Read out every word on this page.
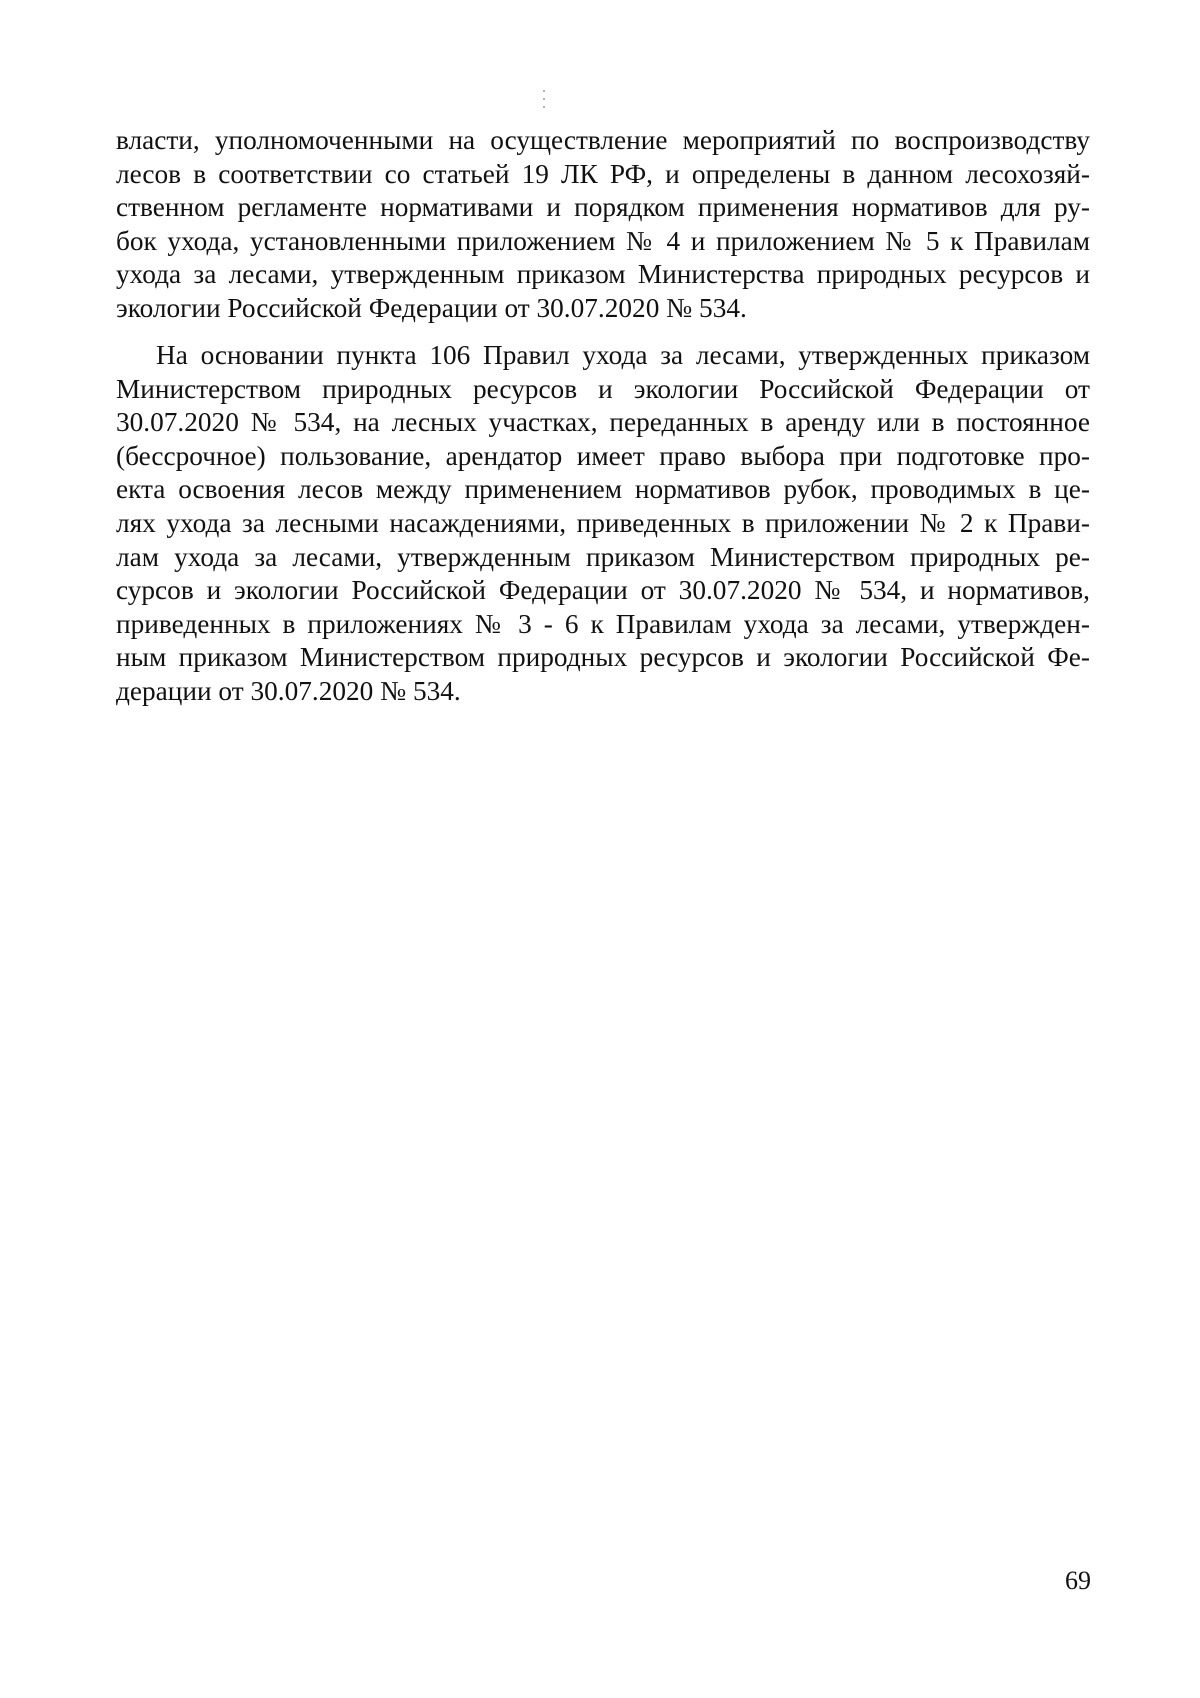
власти, уполномоченными на осуществление мероприятий по воспроизводству
лесов в соответствии со статьей 19 ЛК РФ, и определены в данном лесохозяй-
ственном регламенте нормативами и порядком применения нормативов для ру-
бок ухода, установленными приложением № 4 и приложением № 5 к Правилам
ухода за лесами, утвержденным приказом Министерства природных ресурсов и
экологии Российской Федерации от 30.07.2020 № 534.
На основании пункта 106 Правил ухода за лесами, утвержденных приказом
Министерством природных ресурсов и экологии Российской Федерации от
30.07.2020 № 534, на лесных участках, переданных в аренду или в постоянное
(бессрочное) пользование, арендатор имеет право выбора при подготовке про-
екта освоения лесов между применением нормативов рубок, проводимых в це-
лях ухода за лесными насаждениями, приведенных в приложении № 2 к Прави-
лам ухода за лесами, утвержденным приказом Министерством природных ре-
сурсов и экологии Российской Федерации от 30.07.2020 № 534, и нормативов,
приведенных в приложениях № 3 - 6 к Правилам ухода за лесами, утвержден-
ным приказом Министерством природных ресурсов и экологии Российской Фе-
дерации от 30.07.2020 № 534.
69
